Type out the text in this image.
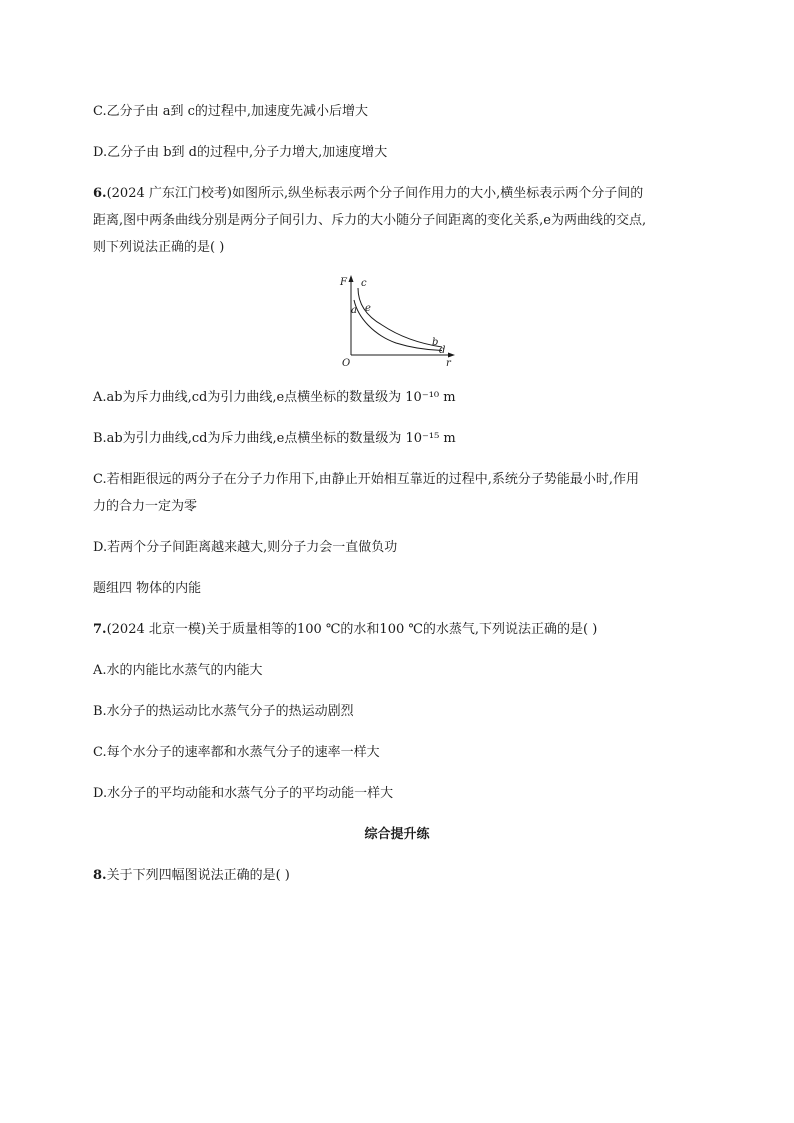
C.乙分子由 a到 c的过程中,加速度先减小后增大
D.乙分子由 b到 d的过程中,分子力增大,加速度增大
6.(2024 广东江门校考)如图所示,纵坐标表示两个分子间作用力的大小,横坐标表示两个分子间的
距离,图中两条曲线分别是两分子间引力、斥力的大小随分子间距离的变化关系,e为两曲线的交点,
则下列说法正确的是( )
F c
a e
b
d
O	r
A.ab为斥力曲线,cd为引力曲线,e点横坐标的数量级为 10⁻¹⁰ m
B.ab为引力曲线,cd为斥力曲线,e点横坐标的数量级为 10⁻¹⁵ m
C.若相距很远的两分子在分子力作用下,由静止开始相互靠近的过程中,系统分子势能最小时,作用
力的合力一定为零
D.若两个分子间距离越来越大,则分子力会一直做负功
题组四 物体的内能
7.(2024 北京一模)关于质量相等的100 ℃的水和100 ℃的水蒸气,下列说法正确的是( )
A.水的内能比水蒸气的内能大
B.水分子的热运动比水蒸气分子的热运动剧烈
C.每个水分子的速率都和水蒸气分子的速率一样大
D.水分子的平均动能和水蒸气分子的平均动能一样大
综合提升练
8.关于下列四幅图说法正确的是( )
